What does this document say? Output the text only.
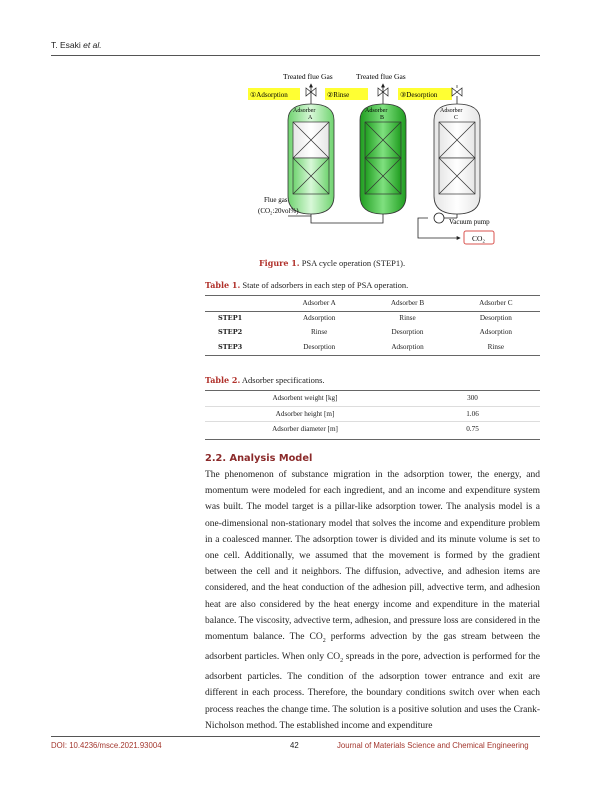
T. Esaki et al.
Treated flue Gas	Treated flue Gas
①Adsorption	②Rinse	③Desorption
Adsorber
A
Adsorber
B
Adsorber
C
Flue gas
(CO₂:20vol%)
Vacuum pump
CO₂
Figure 1. PSA cycle operation (STEP1).
Table 1. State of adsorbers in each step of PSA operation.
	Adsorber A	Adsorber B	Adsorber C
STEP1	Adsorption	Rinse	Desorption
STEP2	Rinse	Desorption	Adsorption
STEP3	Desorption	Adsorption	Rinse
Table 2. Adsorber specifications.
Adsorbent weight [kg]	300
Adsorber height [m]	1.06
Adsorber diameter [m]	0.75
2.2. Analysis Model

The phenomenon of substance migration in the adsorption tower, the energy, and momentum were modeled for each ingredient, and an income and expenditure system was built. The model target is a pillar-like adsorption tower. The analysis model is a one-dimensional non-stationary model that solves the income and expenditure problem in a coalesced manner. The adsorption tower is divided and its minute volume is set to one cell. Additionally, we assumed that the movement is formed by the gradient between the cell and it neighbors. The diffusion, advective, and adhesion items are considered, and the heat conduction of the adhesion pill, advective term, and adhesion heat are also considered by the heat energy income and expenditure in the material balance. The viscosity, advective term, adhesion, and pressure loss are considered in the momentum balance. The $CO_2$ performs advection by the gas stream between the adsorbent particles. When only $CO_2$ spreads in the pore, advection is performed for the adsorbent particles. The condition of the adsorption tower entrance and exit are different in each process. Therefore, the boundary conditions switch over when each process reaches the change time. The solution is a positive solution and uses the Crank-Nicholson method. The established income and expenditure

DOI: 10.4236/msce.2021.93004	42	Journal of Materials Science and Chemical Engineering
